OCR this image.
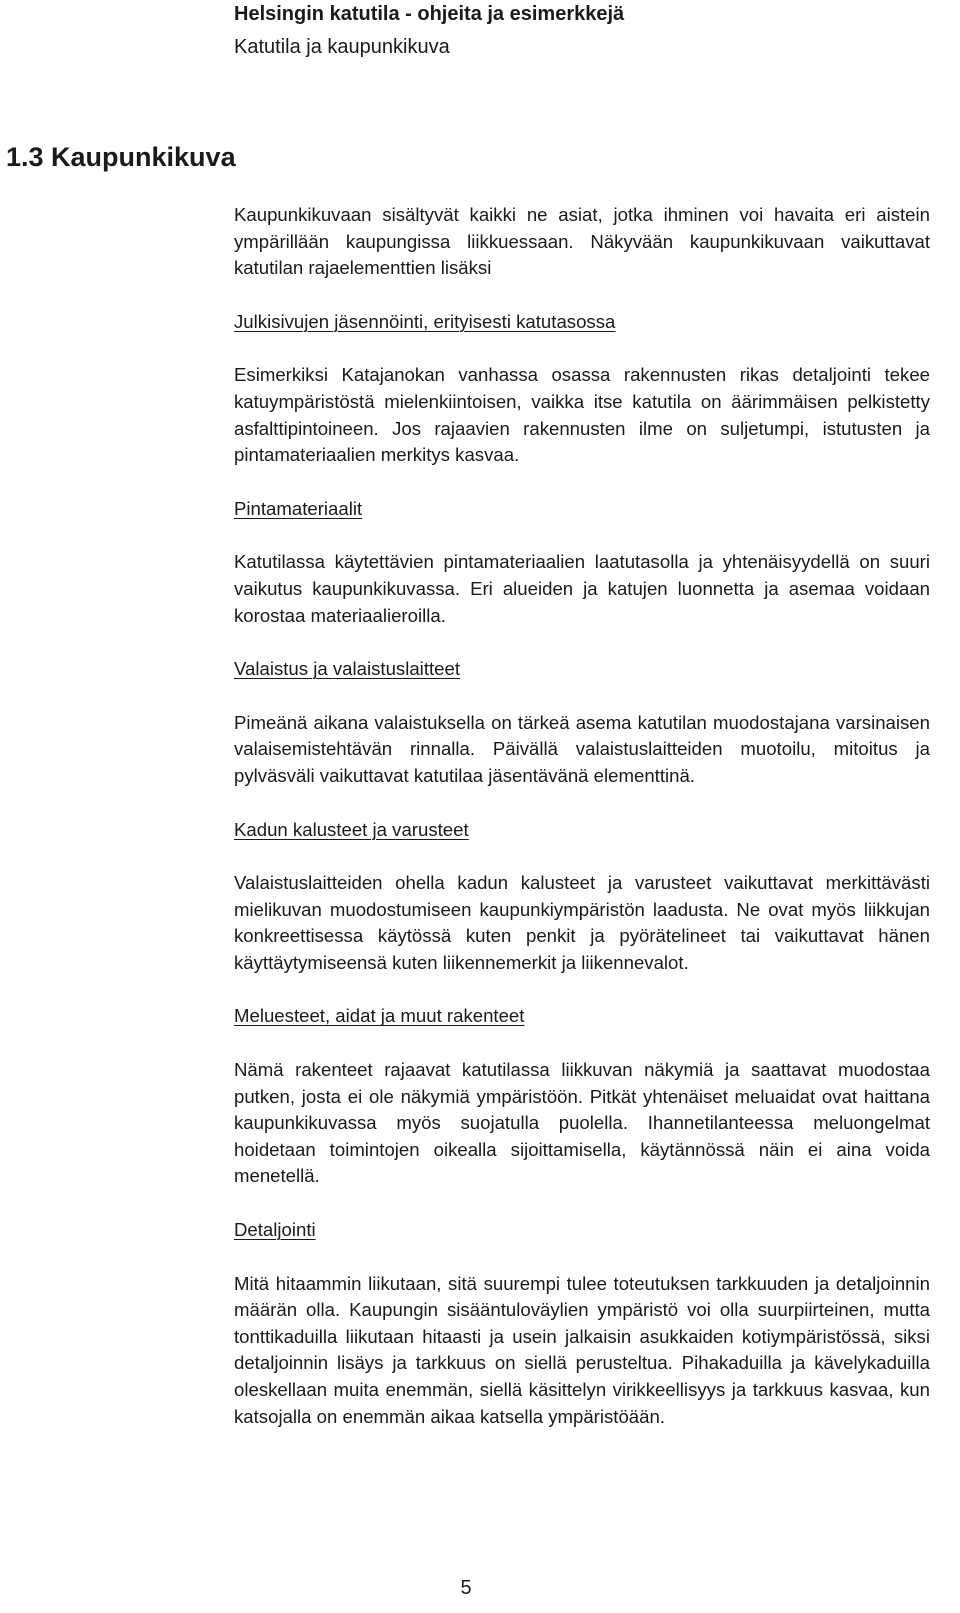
Helsingin katutila - ohjeita ja esimerkkejä
Katutila ja kaupunkikuva
1.3 Kaupunkikuva

Kaupunkikuvaan sisältyvät kaikki ne asiat, jotka ihminen voi havaita eri aistein ympärillään kaupungissa liikkuessaan. Näkyvään kaupunkikuvaan vaikuttavat katutilan rajaelementtien lisäksi

Julkisivujen jäsennöinti, erityisesti katutasossa

Esimerkiksi Katajanokan vanhassa osassa rakennusten rikas detaljointi tekee katuympäristöstä mielenkiintoisen, vaikka itse katutila on äärimmäisen pelkistetty asfalttipintoineen. Jos rajaavien rakennusten ilme on suljetumpi, istutusten ja pintamateriaalien merkitys kasvaa.

Pintamateriaalit

Katutilassa käytettävien pintamateriaalien laatutasolla ja yhtenäisyydellä on suuri vaikutus kaupunkikuvassa. Eri alueiden ja katujen luonnetta ja asemaa voidaan korostaa materiaalieroilla.

Valaistus ja valaistuslaitteet

Pimeänä aikana valaistuksella on tärkeä asema katutilan muodostajana varsinaisen valaisemistehtävän rinnalla. Päivällä valaistuslaitteiden muotoilu, mitoitus ja pylväsväli vaikuttavat katutilaa jäsentävänä elementtinä.

Kadun kalusteet ja varusteet

Valaistuslaitteiden ohella kadun kalusteet ja varusteet vaikuttavat merkittävästi mielikuvan muodostumiseen kaupunkiympäristön laadusta. Ne ovat myös liikkujan konkreettisessa käytössä kuten penkit ja pyörätelineet tai vaikuttavat hänen käyttäytymiseensä kuten liikennemerkit ja liikennevalot.

Meluesteet, aidat ja muut rakenteet

Nämä rakenteet rajaavat katutilassa liikkuvan näkymiä ja saattavat muodostaa putken, josta ei ole näkymiä ympäristöön. Pitkät yhtenäiset meluaidat ovat haittana kaupunkikuvassa myös suojatulla puolella. Ihannetilanteessa meluongelmat hoidetaan toimintojen oikealla sijoittamisella, käytännössä näin ei aina voida menetellä.

Detaljointi

Mitä hitaammin liikutaan, sitä suurempi tulee toteutuksen tarkkuuden ja detaljoinnin määrän olla. Kaupungin sisääntuloväylien ympäristö voi olla suurpiirteinen, mutta tonttikaduilla liikutaan hitaasti ja usein jalkaisin asukkaiden kotiympäristössä, siksi detaljoinnin lisäys ja tarkkuus on siellä perusteltua. Pihakaduilla ja kävelykaduilla oleskellaan muita enemmän, siellä käsittelyn virikkeellisyys ja tarkkuus kasvaa, kun katsojalla on enemmän aikaa katsella ympäristöään.

5
